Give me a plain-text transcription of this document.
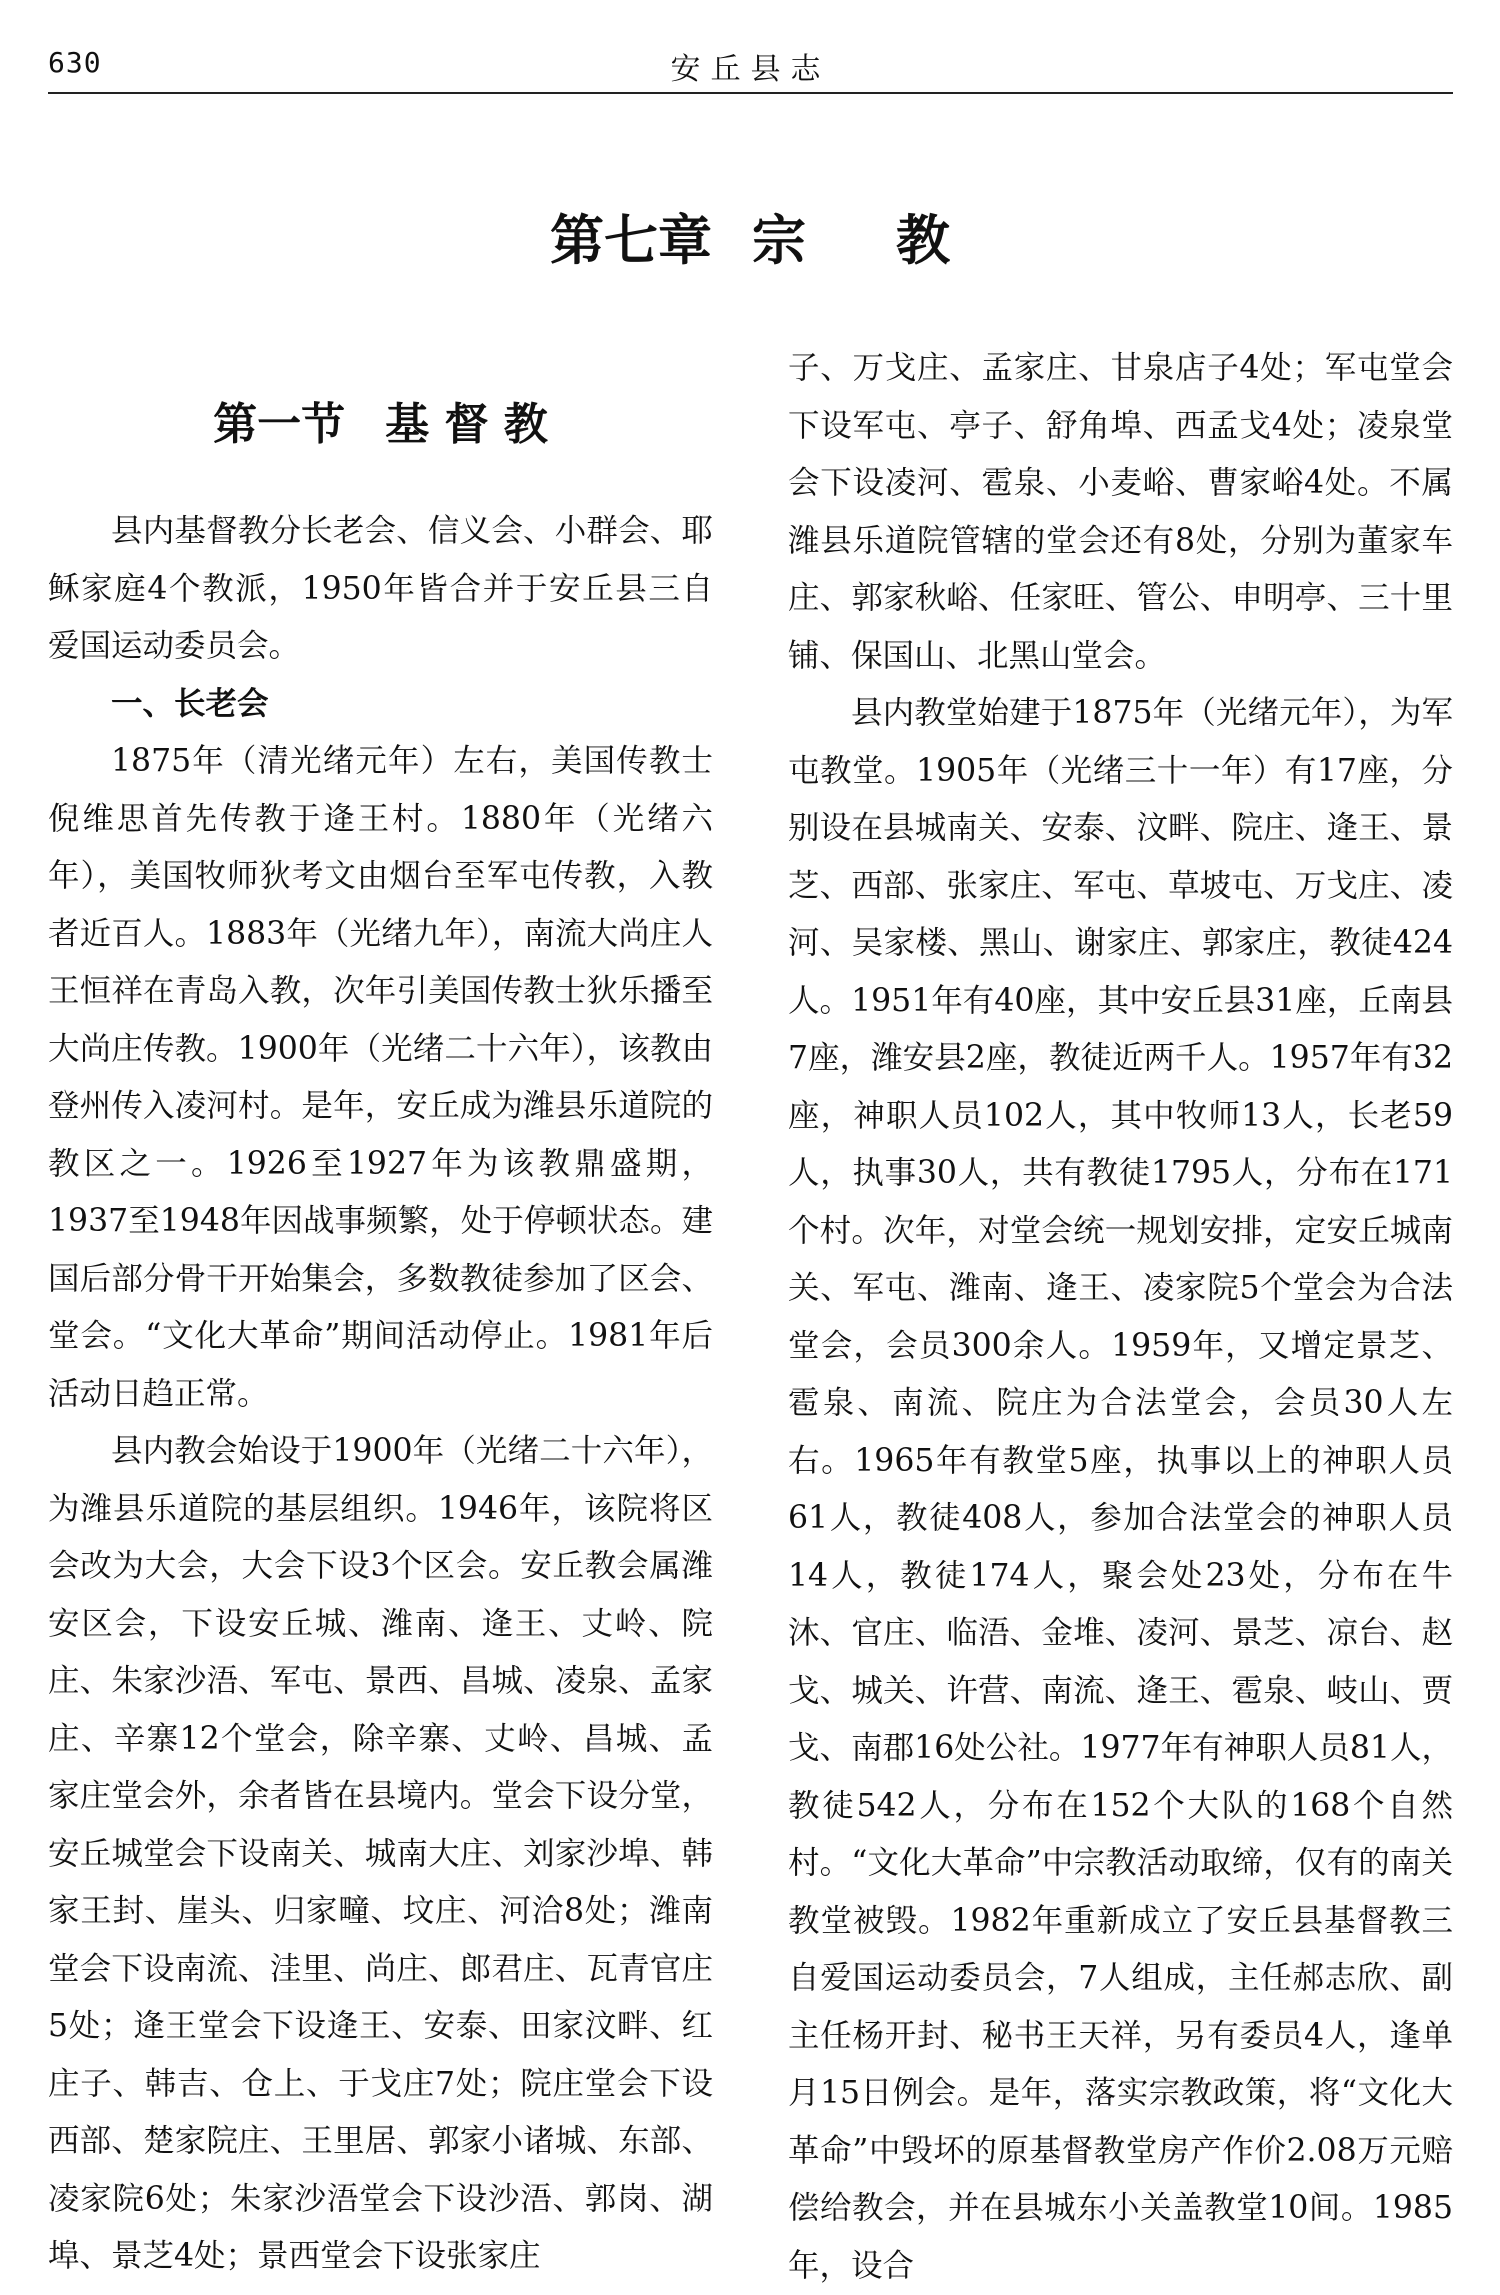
630	安丘县志
第七章 宗 教
第一节 基 督 教

县内基督教分长老会、信义会、小群会、耶稣家庭4个教派，1950年皆合并于安丘县三自爱国运动委员会。

一、长老会

1875年（清光绪元年）左右，美国传教士倪维思首先传教于逄王村。1880年（光绪六年），美国牧师狄考文由烟台至军屯传教，入教者近百人。1883年（光绪九年），南流大尚庄人王恒祥在青岛入教，次年引美国传教士狄乐播至大尚庄传教。1900年（光绪二十六年），该教由登州传入凌河村。是年，安丘成为潍县乐道院的教区之一。1926至1927年为该教鼎盛期，1937至1948年因战事频繁，处于停顿状态。建国后部分骨干开始集会，多数教徒参加了区会、堂会。“文化大革命”期间活动停止。1981年后活动日趋正常。

县内教会始设于1900年（光绪二十六年），为潍县乐道院的基层组织。1946年，该院将区会改为大会，大会下设3个区会。安丘教会属潍安区会，下设安丘城、潍南、逄王、丈岭、院庄、朱家沙浯、军屯、景西、昌城、凌泉、孟家庄、辛寨12个堂会，除辛寨、丈岭、昌城、孟家庄堂会外，余者皆在县境内。堂会下设分堂，安丘城堂会下设南关、城南大庄、刘家沙埠、韩家王封、崖头、归家疃、坟庄、河洽8处；潍南堂会下设南流、洼里、尚庄、郎君庄、瓦青官庄5处；逄王堂会下设逄王、安泰、田家汶畔、红庄子、韩吉、仓上、于戈庄7处；院庄堂会下设西部、楚家院庄、王里居、郭家小诸城、东部、凌家院6处；朱家沙浯堂会下设沙浯、郭岗、湖埠、景芝4处；景西堂会下设张家庄

子、万戈庄、孟家庄、甘泉店子4处；军屯堂会下设军屯、亭子、舒角埠、西孟戈4处；凌泉堂会下设凌河、雹泉、小麦峪、曹家峪4处。不属潍县乐道院管辖的堂会还有8处，分别为董家车庄、郭家秋峪、任家旺、管公、申明亭、三十里铺、保国山、北黑山堂会。

县内教堂始建于1875年（光绪元年），为军屯教堂。1905年（光绪三十一年）有17座，分别设在县城南关、安泰、汶畔、院庄、逄王、景芝、西部、张家庄、军屯、草坡屯、万戈庄、凌河、吴家楼、黑山、谢家庄、郭家庄，教徒424人。1951年有40座，其中安丘县31座，丘南县7座，潍安县2座，教徒近两千人。1957年有32座，神职人员102人，其中牧师13人，长老59人，执事30人，共有教徒1795人，分布在171个村。次年，对堂会统一规划安排，定安丘城南关、军屯、潍南、逄王、凌家院5个堂会为合法堂会，会员300余人。1959年，又增定景芝、雹泉、南流、院庄为合法堂会，会员30人左右。1965年有教堂5座，执事以上的神职人员61人，教徒408人，参加合法堂会的神职人员14人，教徒174人，聚会处23处，分布在牛沐、官庄、临浯、金堆、凌河、景芝、凉台、赵戈、城关、许营、南流、逄王、雹泉、岐山、贾戈、南郡16处公社。1977年有神职人员81人，教徒542人，分布在152个大队的168个自然村。“文化大革命”中宗教活动取缔，仅有的南关教堂被毁。1982年重新成立了安丘县基督教三自爱国运动委员会，7人组成，主任郝志欣、副主任杨开封、秘书王天祥，另有委员4人，逢单月15日例会。是年，落实宗教政策，将“文化大革命”中毁坏的原基督教堂房产作价2.08万元赔偿给教会，并在县城东小关盖教堂10间。1985年，设合
